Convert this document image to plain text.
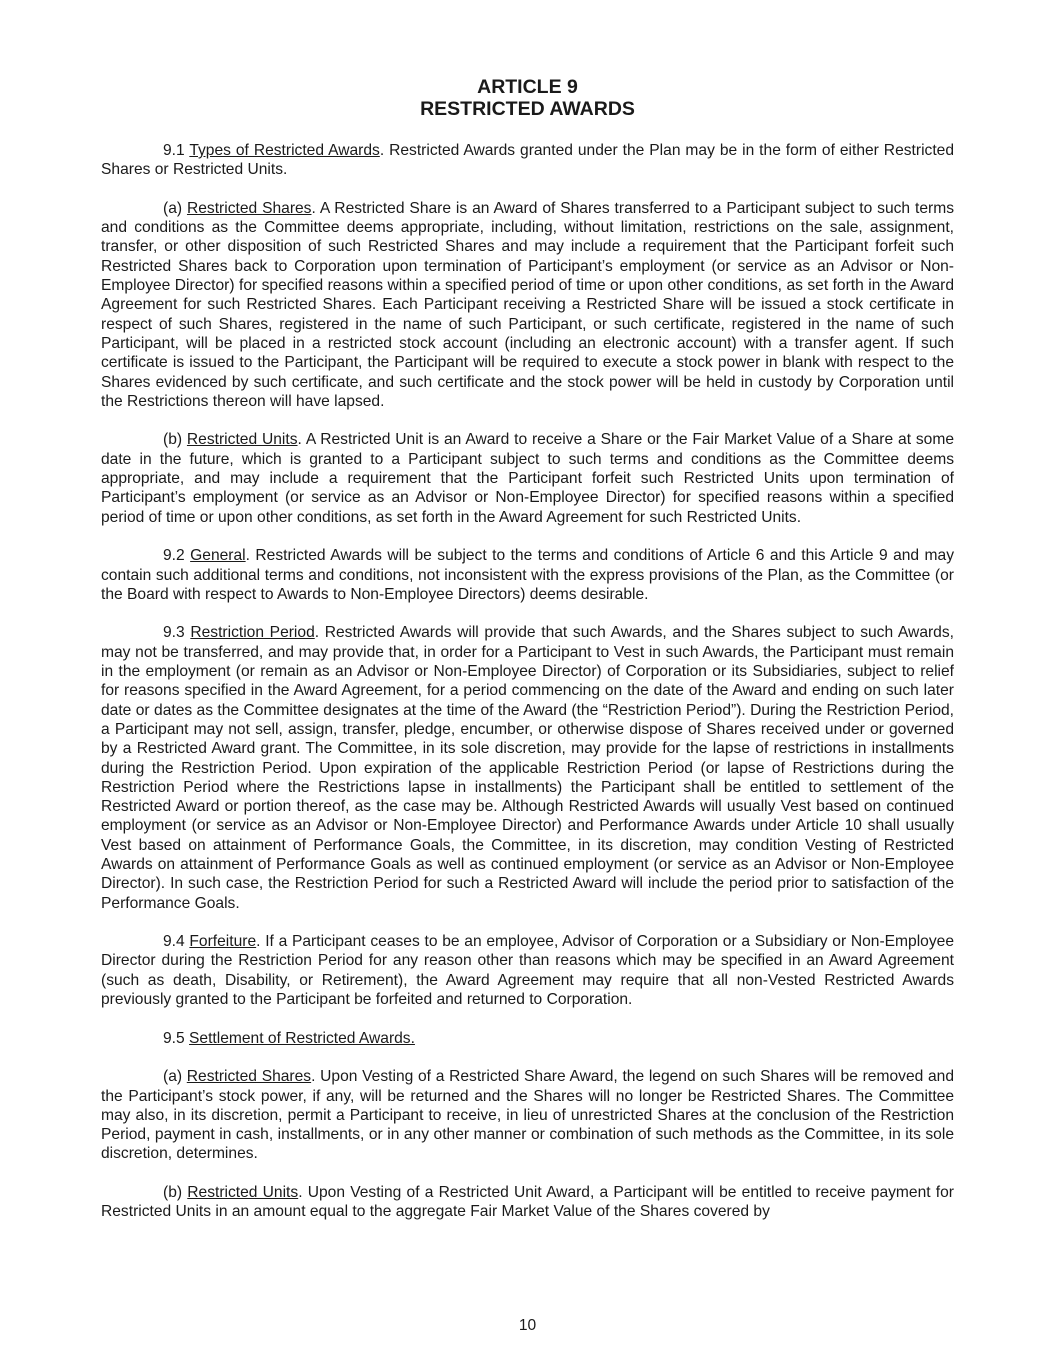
ARTICLE 9
RESTRICTED AWARDS

9.1 Types of Restricted Awards. Restricted Awards granted under the Plan may be in the form of either Restricted Shares or Restricted Units.

(a) Restricted Shares. A Restricted Share is an Award of Shares transferred to a Participant subject to such terms and conditions as the Committee deems appropriate, including, without limitation, restrictions on the sale, assignment, transfer, or other disposition of such Restricted Shares and may include a requirement that the Participant forfeit such Restricted Shares back to Corporation upon termination of Participant’s employment (or service as an Advisor or Non-Employee Director) for specified reasons within a specified period of time or upon other conditions, as set forth in the Award Agreement for such Restricted Shares. Each Participant receiving a Restricted Share will be issued a stock certificate in respect of such Shares, registered in the name of such Participant, or such certificate, registered in the name of such Participant, will be placed in a restricted stock account (including an electronic account) with a transfer agent. If such certificate is issued to the Participant, the Participant will be required to execute a stock power in blank with respect to the Shares evidenced by such certificate, and such certificate and the stock power will be held in custody by Corporation until the Restrictions thereon will have lapsed.

(b) Restricted Units. A Restricted Unit is an Award to receive a Share or the Fair Market Value of a Share at some date in the future, which is granted to a Participant subject to such terms and conditions as the Committee deems appropriate, and may include a requirement that the Participant forfeit such Restricted Units upon termination of Participant’s employment (or service as an Advisor or Non-Employee Director) for specified reasons within a specified period of time or upon other conditions, as set forth in the Award Agreement for such Restricted Units.

9.2 General. Restricted Awards will be subject to the terms and conditions of Article 6 and this Article 9 and may contain such additional terms and conditions, not inconsistent with the express provisions of the Plan, as the Committee (or the Board with respect to Awards to Non-Employee Directors) deems desirable.

9.3 Restriction Period. Restricted Awards will provide that such Awards, and the Shares subject to such Awards, may not be transferred, and may provide that, in order for a Participant to Vest in such Awards, the Participant must remain in the employment (or remain as an Advisor or Non-Employee Director) of Corporation or its Subsidiaries, subject to relief for reasons specified in the Award Agreement, for a period commencing on the date of the Award and ending on such later date or dates as the Committee designates at the time of the Award (the “Restriction Period”). During the Restriction Period, a Participant may not sell, assign, transfer, pledge, encumber, or otherwise dispose of Shares received under or governed by a Restricted Award grant. The Committee, in its sole discretion, may provide for the lapse of restrictions in installments during the Restriction Period. Upon expiration of the applicable Restriction Period (or lapse of Restrictions during the Restriction Period where the Restrictions lapse in installments) the Participant shall be entitled to settlement of the Restricted Award or portion thereof, as the case may be. Although Restricted Awards will usually Vest based on continued employment (or service as an Advisor or Non-Employee Director) and Performance Awards under Article 10 shall usually Vest based on attainment of Performance Goals, the Committee, in its discretion, may condition Vesting of Restricted Awards on attainment of Performance Goals as well as continued employment (or service as an Advisor or Non-Employee Director). In such case, the Restriction Period for such a Restricted Award will include the period prior to satisfaction of the Performance Goals.

9.4 Forfeiture. If a Participant ceases to be an employee, Advisor of Corporation or a Subsidiary or Non-Employee Director during the Restriction Period for any reason other than reasons which may be specified in an Award Agreement (such as death, Disability, or Retirement), the Award Agreement may require that all non-Vested Restricted Awards previously granted to the Participant be forfeited and returned to Corporation.

9.5 Settlement of Restricted Awards.

(a) Restricted Shares. Upon Vesting of a Restricted Share Award, the legend on such Shares will be removed and the Participant’s stock power, if any, will be returned and the Shares will no longer be Restricted Shares. The Committee may also, in its discretion, permit a Participant to receive, in lieu of unrestricted Shares at the conclusion of the Restriction Period, payment in cash, installments, or in any other manner or combination of such methods as the Committee, in its sole discretion, determines.

(b) Restricted Units. Upon Vesting of a Restricted Unit Award, a Participant will be entitled to receive payment for Restricted Units in an amount equal to the aggregate Fair Market Value of the Shares covered by

10
